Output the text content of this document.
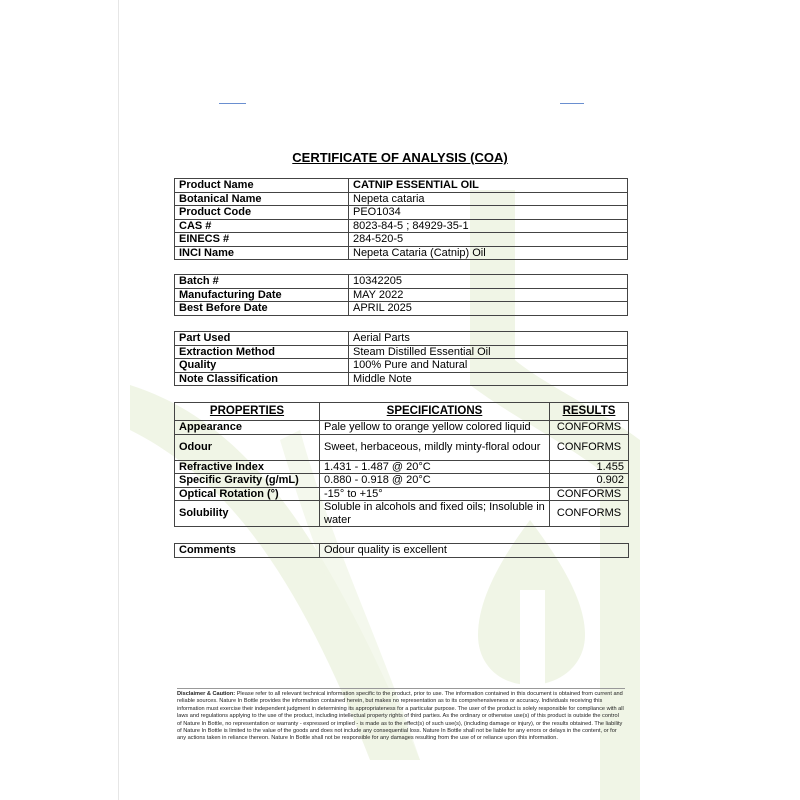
CERTIFICATE OF ANALYSIS (COA)
Product Name	CATNIP ESSENTIAL OIL
Botanical Name	Nepeta cataria
Product Code	PEO1034
CAS #	8023-84-5 ; 84929-35-1
EINECS #	284-520-5
INCI Name	Nepeta Cataria (Catnip) Oil
Batch #	10342205
Manufacturing Date	MAY 2022
Best Before Date	APRIL 2025
Part Used	Aerial Parts
Extraction Method	Steam Distilled Essential Oil
Quality	100% Pure and Natural
Note Classification	Middle Note
PROPERTIES	SPECIFICATIONS	RESULTS
Appearance	Pale yellow to orange yellow colored liquid	CONFORMS
Odour	Sweet, herbaceous, mildly minty-floral odour	CONFORMS
Refractive Index	1.431 - 1.487 @ 20°C	1.455
Specific Gravity (g/mL)	0.880 - 0.918 @ 20°C	0.902
Optical Rotation (°)	-15° to +15°	CONFORMS
Solubility	Soluble in alcohols and fixed oils; Insoluble in water	CONFORMS
Comments	Odour quality is excellent
Disclaimer & Caution: Please refer to all relevant technical information specific to the product, prior to use. The information contained in this document is obtained from current and reliable sources. Nature In Bottle provides the information contained herein, but makes no representation as to its comprehensiveness or accuracy. Individuals receiving this information must exercise their independent judgment in determining its appropriateness for a particular purpose. The user of the product is solely responsible for compliance with all laws and regulations applying to the use of the product, including intellectual property rights of third parties. As the ordinary or otherwise use(s) of this product is outside the control of Nature In Bottle, no representation or warranty - expressed or implied - is made as to the effect(s) of such use(s), (including damage or injury), or the results obtained. The liability of Nature In Bottle is limited to the value of the goods and does not include any consequential loss. Nature In Bottle shall not be liable for any errors or delays in the content, or for any actions taken in reliance thereon. Nature In Bottle shall not be responsible for any damages resulting from the use of or reliance upon this information.
